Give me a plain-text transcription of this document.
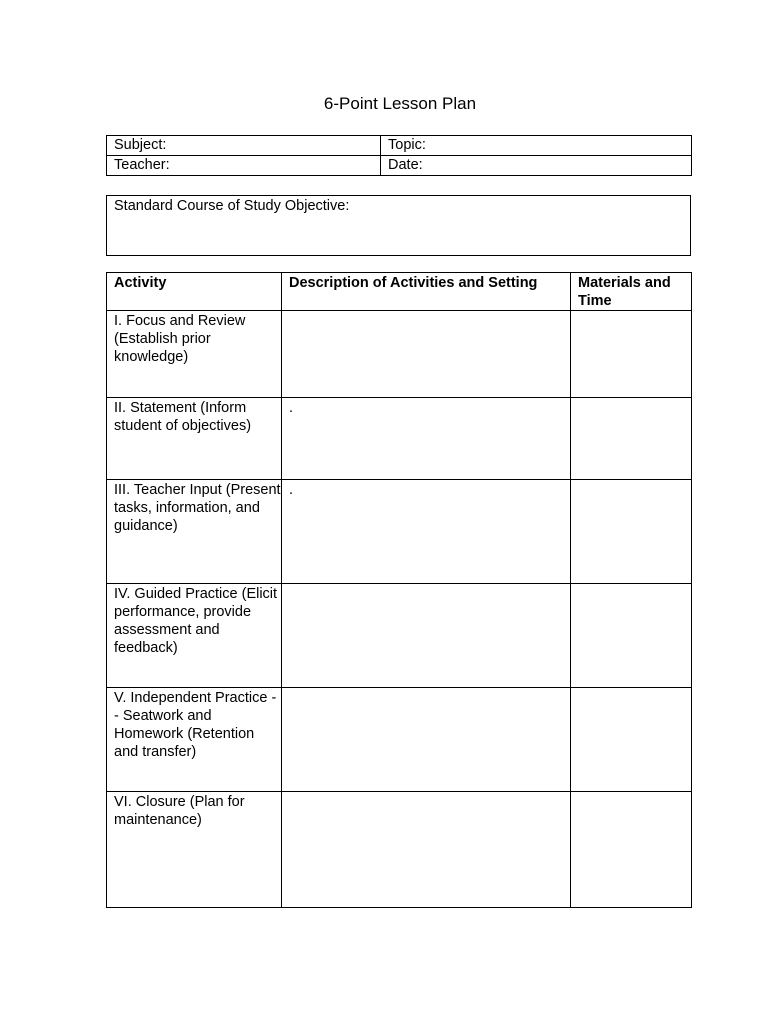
6-Point Lesson Plan
Subject:	Topic:
Teacher:	Date:
Standard Course of Study Objective:
Activity	Description of Activities and Setting	Materials and Time
I. Focus and Review (Establish prior knowledge)		
II. Statement (Inform student of objectives)	.	
III. Teacher Input (Present tasks, information, and guidance)	.	
IV. Guided Practice (Elicit performance, provide assessment and feedback)		
V. Independent Practice -- Seatwork and Homework (Retention and transfer)		
VI. Closure (Plan for maintenance)		
